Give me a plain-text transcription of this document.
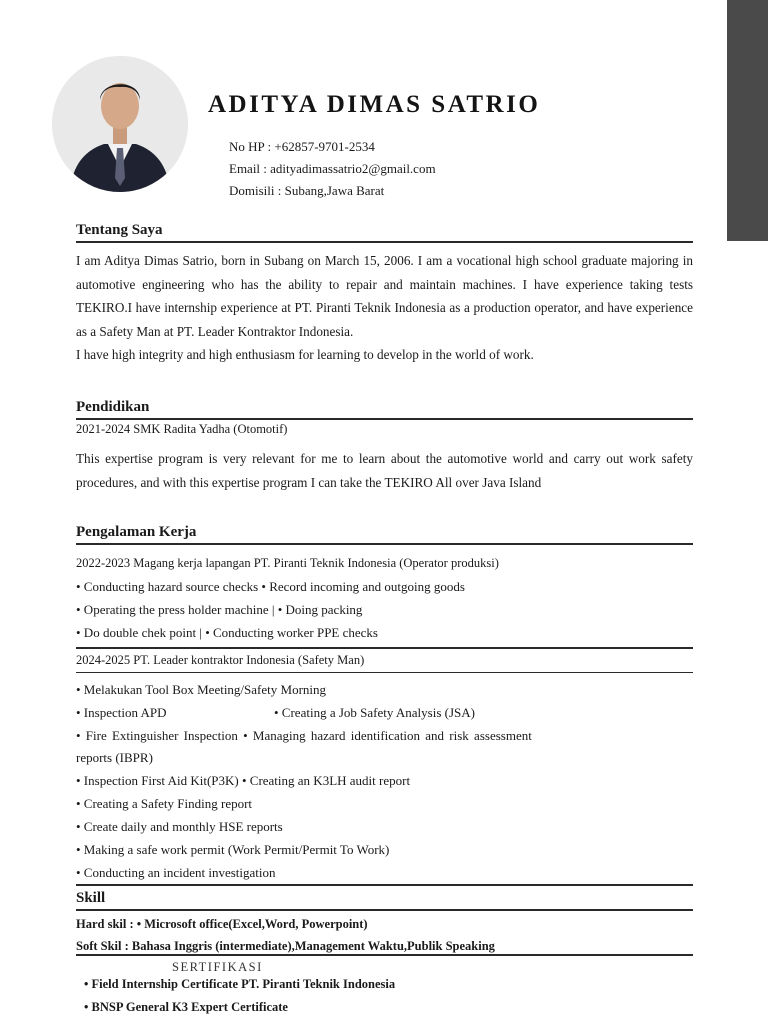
ADITYA DIMAS SATRIO
No HP : +62857-9701-2534
Email : adityadimassatrio2@gmail.com
Domisili : Subang,Jawa Barat
Tentang Saya
I am Aditya Dimas Satrio, born in Subang on March 15, 2006. I am a vocational high school graduate majoring in automotive engineering who has the ability to repair and maintain machines. I have experience taking tests TEKIRO.I have internship experience at PT. Piranti Teknik Indonesia as a production operator, and have experience as a Safety Man at PT. Leader Kontraktor Indonesia.
I have high integrity and high enthusiasm for learning to develop in the world of work.
Pendidikan
2021-2024 SMK Radita Yadha (Otomotif)
This expertise program is very relevant for me to learn about the automotive world and carry out work safety procedures, and with this expertise program I can take the TEKIRO All over Java Island
Pengalaman Kerja
2022-2023 Magang kerja lapangan PT. Piranti Teknik Indonesia (Operator produksi)
• Conducting hazard source checks • Record incoming and outgoing goods
• Operating the press holder machine | • Doing packing
• Do double chek point | • Conducting worker PPE checks
2024-2025 PT. Leader kontraktor Indonesia (Safety Man)
• Melakukan Tool Box Meeting/Safety Morning
• Inspection APD	• Creating a Job Safety Analysis (JSA)
• Fire Extinguisher Inspection • Managing hazard identification and risk assessment
reports (IBPR)
• Inspection First Aid Kit(P3K) • Creating an K3LH audit report
• Creating a Safety Finding report
• Create daily and monthly HSE reports
• Making a safe work permit (Work Permit/Permit To Work)
• Conducting an incident investigation
Skill
Hard skil : • Microsoft office(Excel,Word, Powerpoint)
Soft Skil : Bahasa Inggris (intermediate),Management Waktu,Publik Speaking
SERTIFIKASI
• Field Internship Certificate PT. Piranti Teknik Indonesia
• BNSP General K3 Expert Certificate
